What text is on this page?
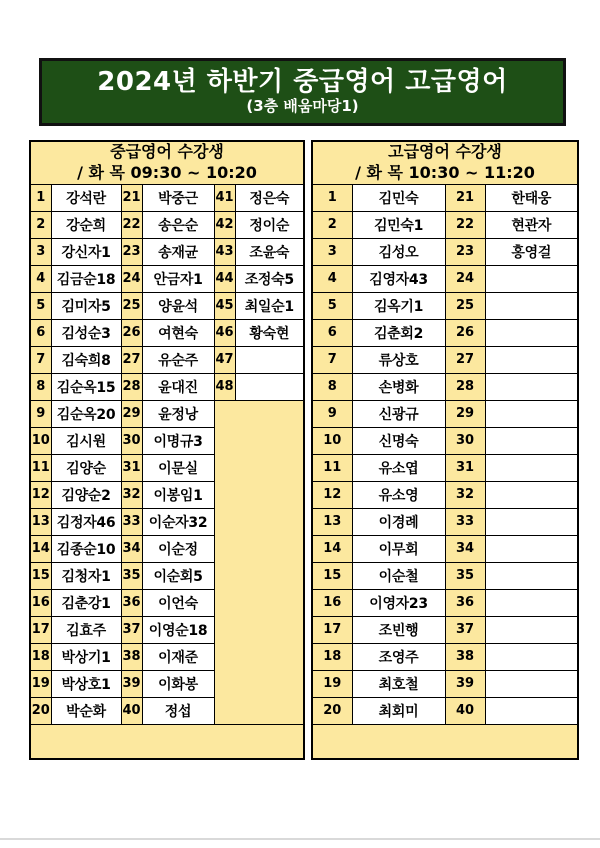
2024년 하반기 중급영어 고급영어
(3층 배움마당1)
중급영어 수강생
/ 화 목 09:30 ~ 10:20					

1	강석란	21	박중근	41	정은숙
2	강순희	22	송은순	42	정이순
3	강신자1	23	송재균	43	조윤숙
4	김금순18	24	안금자1	44	조정숙5
5	김미자5	25	양윤석	45	최일순1
6	김성순3	26	여현숙	46	황숙현
7	김숙희8	27	유순주	47	
8	김순옥15	28	윤대진	48	
9	김순옥20	29	윤정낭		
10	김시원	30	이명규3		
11	김양순	31	이문실		
12	김양순2	32	이봉임1		
13	김정자46	33	이순자32		
14	김종순10	34	이순정		
15	김청자1	35	이순회5		
16	김춘강1	36	이언숙		
17	김효주	37	이영순18		
18	박상기1	38	이재준		
19	박상호1	39	이화봉		
20	박순화	40	정섭		

고급영어 수강생
/ 화 목 10:30 ~ 11:20			

1	김민숙	21	한태웅
2	김민숙1	22	현관자
3	김성오	23	홍영걸
4	김영자43	24	
5	김옥기1	25	
6	김춘회2	26	
7	류상호	27	
8	손병화	28	
9	신광규	29	
10	신명숙	30	
11	유소엽	31	
12	유소영	32	
13	이경례	33	
14	이무회	34	
15	이순철	35	
16	이영자23	36	
17	조빈행	37	
18	조영주	38	
19	최호철	39	
20	최회미	40	
